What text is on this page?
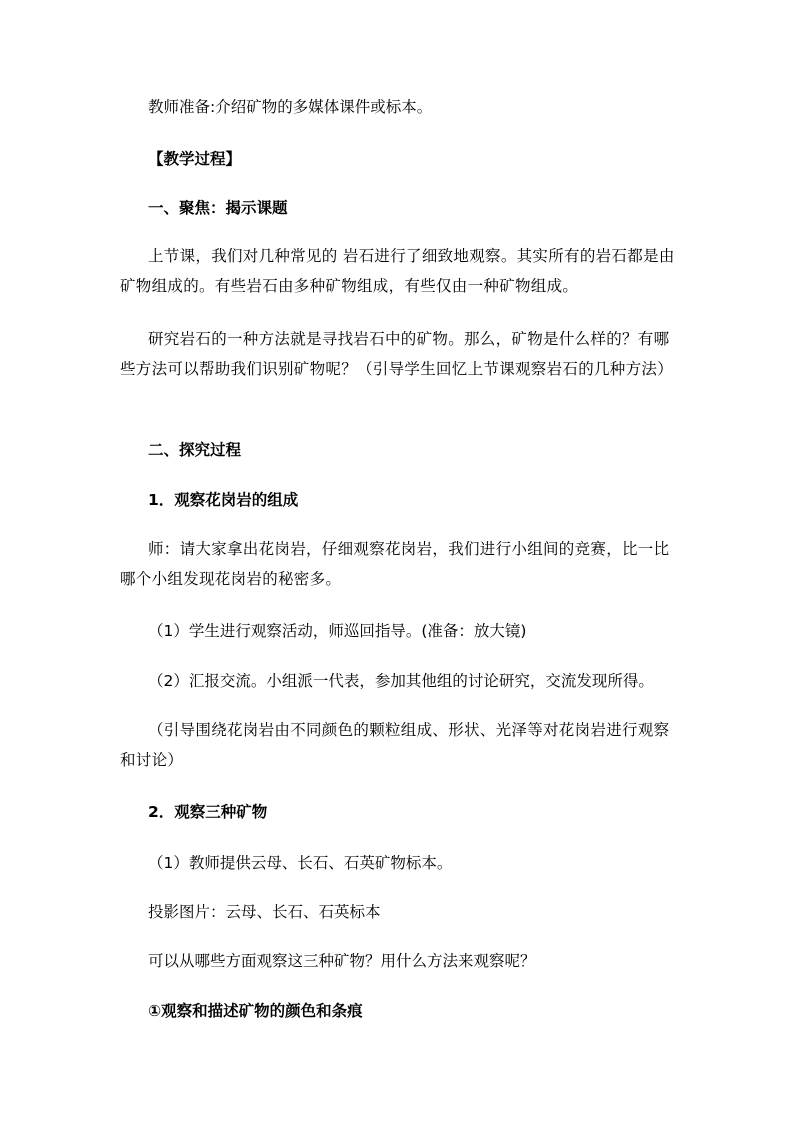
教师准备:介绍矿物的多媒体课件或标本。
【教学过程】
一、聚焦：揭示课题
上节课，我们对几种常见的 岩石进行了细致地观察。其实所有的岩石都是由矿物组成的。有些岩石由多种矿物组成，有些仅由一种矿物组成。
研究岩石的一种方法就是寻找岩石中的矿物。那么，矿物是什么样的？有哪些方法可以帮助我们识别矿物呢？（引导学生回忆上节课观察岩石的几种方法）
二、探究过程
1．观察花岗岩的组成
师：请大家拿出花岗岩，仔细观察花岗岩，我们进行小组间的竞赛，比一比哪个小组发现花岗岩的秘密多。
（1）学生进行观察活动，师巡回指导。(准备：放大镜)
（2）汇报交流。小组派一代表，参加其他组的讨论研究，交流发现所得。
（引导围绕花岗岩由不同颜色的颗粒组成、形状、光泽等对花岗岩进行观察和讨论）
2．观察三种矿物
（1）教师提供云母、长石、石英矿物标本。
投影图片：云母、长石、石英标本
可以从哪些方面观察这三种矿物？用什么方法来观察呢？
①观察和描述矿物的颜色和条痕
